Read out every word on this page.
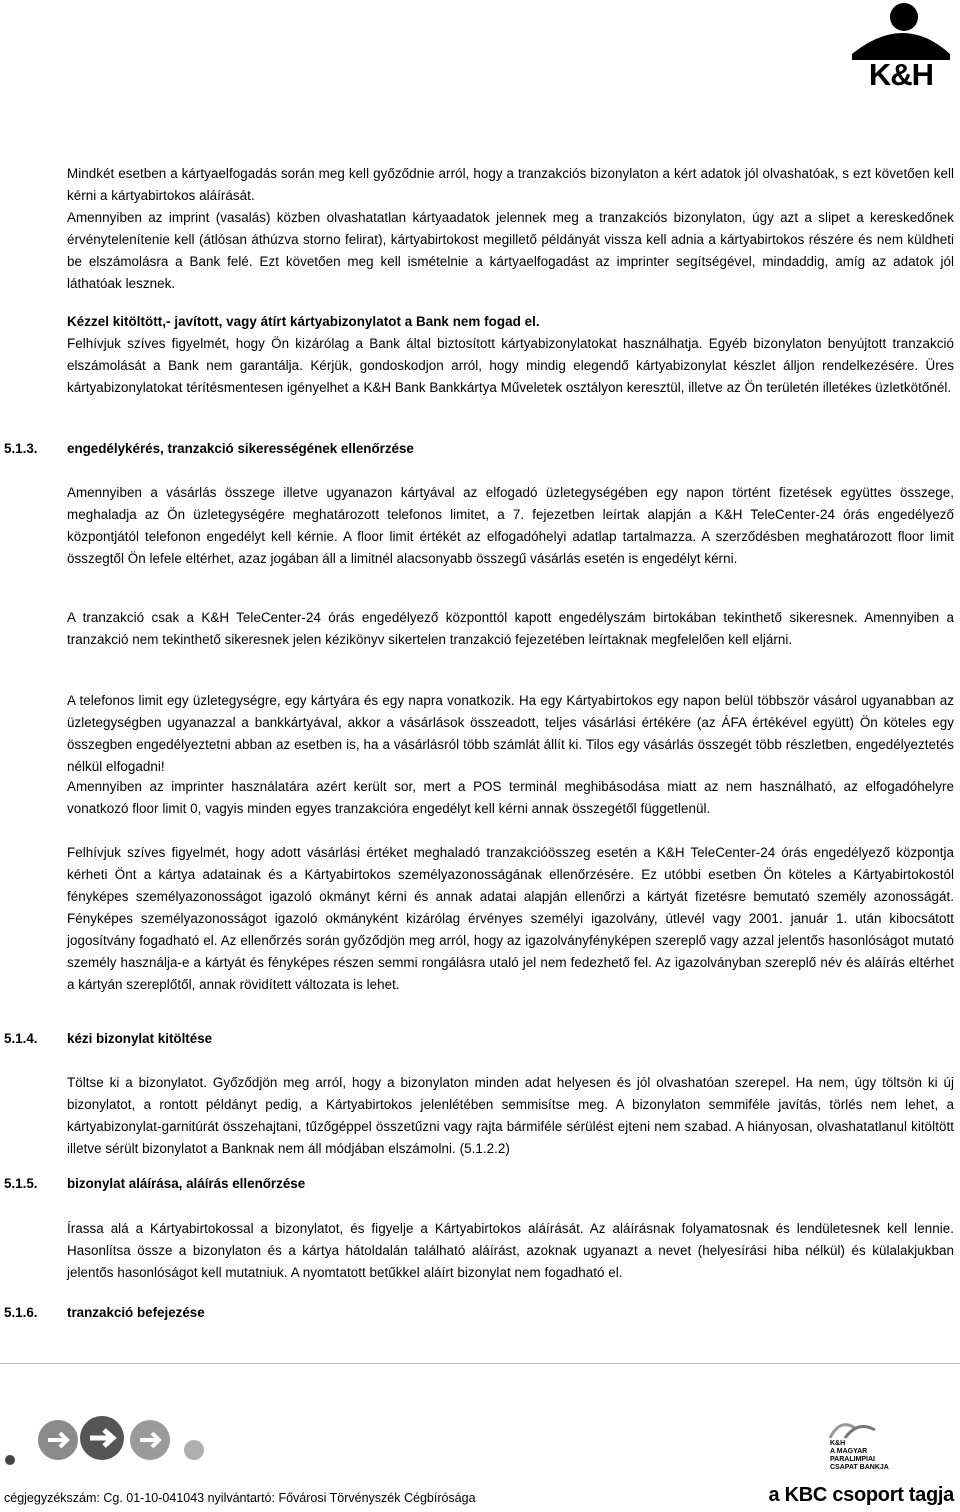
K&H

Mindkét esetben a kártyaelfogadás során meg kell győződnie arról, hogy a tranzakciós bizonylaton a kért adatok jól olvashatóak, s ezt követően kell kérni a kártyabirtokos aláírását.

Amennyiben az imprint (vasalás) közben olvashatatlan kártyaadatok jelennek meg a tranzakciós bizonylaton, úgy azt a slipet a kereskedőnek érvényteleníteniе kell (átlósan áthúzva storno felirat), kártyabirtokost megillető példányát vissza kell adnia a kártyabirtokos részére és nem küldheti be elszámolásra a Bank felé. Ezt követően meg kell ismételnie a kártyaelfogadást az imprinter segítségével, mindaddig, amíg az adatok jól láthatóak lesznek.

Kézzel kitöltött,- javított, vagy átírt kártyabizonylatot a Bank nem fogad el.

Felhívjuk szíves figyelmét, hogy Ön kizárólag a Bank által biztosított kártyabizonylatokat használhatja. Egyéb bizonylaton benyújtott tranzakció elszámolását a Bank nem garantálja. Kérjük, gondoskodjon arról, hogy mindig elegendő kártyabizonylat készlet álljon rendelkezésére. Üres kártyabizonylatokat térítésmentesen igényelhet a K&H Bank Bankkártya Műveletek osztályon keresztül, illetve az Ön területén illetékes üzletkötőnél.

5.1.3. engedélykérés, tranzakció sikerességének ellenőrzése

Amennyiben a vásárlás összege illetve ugyanazon kártyával az elfogadó üzletegységében egy napon történt fizetések együttes összege, meghaladja az Ön üzletegységére meghatározott telefonos limitet, a 7. fejezetben leírtak alapján a K&H TeleCenter-24 órás engedélyező központjától telefonon engedélyt kell kérnie. A floor limit értékét az elfogadóhelyi adatlap tartalmazza. A szerződésben meghatározott floor limit összegtől Ön lefele eltérhet, azaz jogában áll a limitnél alacsonyabb összegű vásárlás esetén is engedélyt kérni.

A tranzakció csak a K&H TeleCenter-24 órás engedélyező központtól kapott engedélyszám birtokában tekinthető sikeresnek. Amennyiben a tranzakció nem tekinthető sikeresnek jelen kézikönyv sikertelen tranzakció fejezetében leírtaknak megfelelően kell eljárni.

A telefonos limit egy üzletegységre, egy kártyára és egy napra vonatkozik. Ha egy Kártyabirtokos egy napon belül többször vásárol ugyanabban az üzletegységben ugyanazzal a bankkártyával, akkor a vásárlások összeadott, teljes vásárlási értékére (az ÁFA értékével együtt) Ön köteles egy összegben engedélyeztetni abban az esetben is, ha a vásárlásról több számlát állít ki. Tilos egy vásárlás összegét több részletben, engedélyeztetés nélkül elfogadni!

Amennyiben az imprinter használatára azért került sor, mert a POS terminál meghibásodása miatt az nem használható, az elfogadóhelyre vonatkozó floor limit 0, vagyis minden egyes tranzakcióra engedélyt kell kérni annak összegétől függetlenül.

Felhívjuk szíves figyelmét, hogy adott vásárlási értéket meghaladó tranzakcióösszeg esetén a K&H TeleCenter-24 órás engedélyező központja kérheti Önt a kártya adatainak és a Kártyabirtokos személyazonosságának ellenőrzésére. Ez utóbbi esetben Ön köteles a Kártyabirtokostól fényképes személyazonosságot igazoló okmányt kérni és annak adatai alapján ellenőrzi a kártyát fizetésre bemutató személy azonosságát. Fényképes személyazonosságot igazoló okmányként kizárólag érvényes személyi igazolvány, útlevél vagy 2001. január 1. után kibocsátott jogosítvány fogadható el. Az ellenőrzés során győződjön meg arról, hogy az igazolványfényképen szereplő vagy azzal jelentős hasonlóságot mutató személy használja-e a kártyát és fényképes részen semmi rongálásra utaló jel nem fedezhető fel. Az igazolványban szereplő név és aláírás eltérhet a kártyán szereplőtől, annak rövidített változata is lehet.

5.1.4. kézi bizonylat kitöltése

Töltse ki a bizonylatot. Győződjön meg arról, hogy a bizonylaton minden adat helyesen és jól olvashatóan szerepel. Ha nem, úgy töltsön ki új bizonylatot, a rontott példányt pedig, a Kártyabirtokos jelenlétében semmisítse meg. A bizonylaton semmiféle javítás, törlés nem lehet, a kártyabizonylat-garnitúrát összehajtani, tűzőgéppel összetűzni vagy rajta bármiféle sérülést ejteni nem szabad. A hiányosan, olvashatatlanul kitöltött illetve sérült bizonylatot a Banknak nem áll módjában elszámolni. (5.1.2.2)

5.1.5. bizonylat aláírása, aláírás ellenőrzése

Írassa alá a Kártyabirtokossal a bizonylatot, és figyelje a Kártyabirtokos aláírását. Az aláírásnak folyamatosnak és lendületesnek kell lennie. Hasonlítsa össze a bizonylaton és a kártya hátoldalán található aláírást, azoknak ugyanazt a nevet (helyesírási hiba nélkül) és külalakjukban jelentős hasonlóságot kell mutatniuk. A nyomtatott betűkkel aláírt bizonylat nem fogadható el.

5.1.6. tranzakció befejezése
K&H
A MAGYAR
PARALIMPIAI
CSAPAT BANKJA
cégjegyzékszám: Cg. 01-10-041043 nyilvántartó: Fővárosi Törvényszék Cégbírósága	a KBC csoport tagja
